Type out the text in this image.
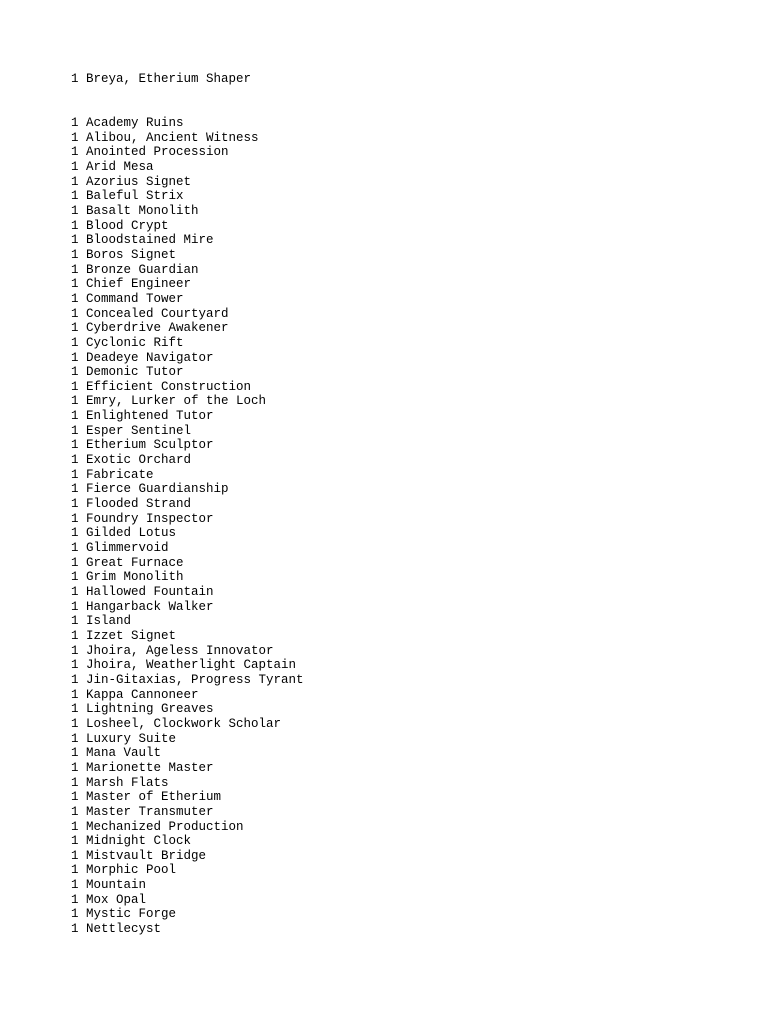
1 Breya, Etherium Shaper
1 Academy Ruins
1 Alibou, Ancient Witness
1 Anointed Procession
1 Arid Mesa
1 Azorius Signet
1 Baleful Strix
1 Basalt Monolith
1 Blood Crypt
1 Bloodstained Mire
1 Boros Signet
1 Bronze Guardian
1 Chief Engineer
1 Command Tower
1 Concealed Courtyard
1 Cyberdrive Awakener
1 Cyclonic Rift
1 Deadeye Navigator
1 Demonic Tutor
1 Efficient Construction
1 Emry, Lurker of the Loch
1 Enlightened Tutor
1 Esper Sentinel
1 Etherium Sculptor
1 Exotic Orchard
1 Fabricate
1 Fierce Guardianship
1 Flooded Strand
1 Foundry Inspector
1 Gilded Lotus
1 Glimmervoid
1 Great Furnace
1 Grim Monolith
1 Hallowed Fountain
1 Hangarback Walker
1 Island
1 Izzet Signet
1 Jhoira, Ageless Innovator
1 Jhoira, Weatherlight Captain
1 Jin-Gitaxias, Progress Tyrant
1 Kappa Cannoneer
1 Lightning Greaves
1 Losheel, Clockwork Scholar
1 Luxury Suite
1 Mana Vault
1 Marionette Master
1 Marsh Flats
1 Master of Etherium
1 Master Transmuter
1 Mechanized Production
1 Midnight Clock
1 Mistvault Bridge
1 Morphic Pool
1 Mountain
1 Mox Opal
1 Mystic Forge
1 Nettlecyst
